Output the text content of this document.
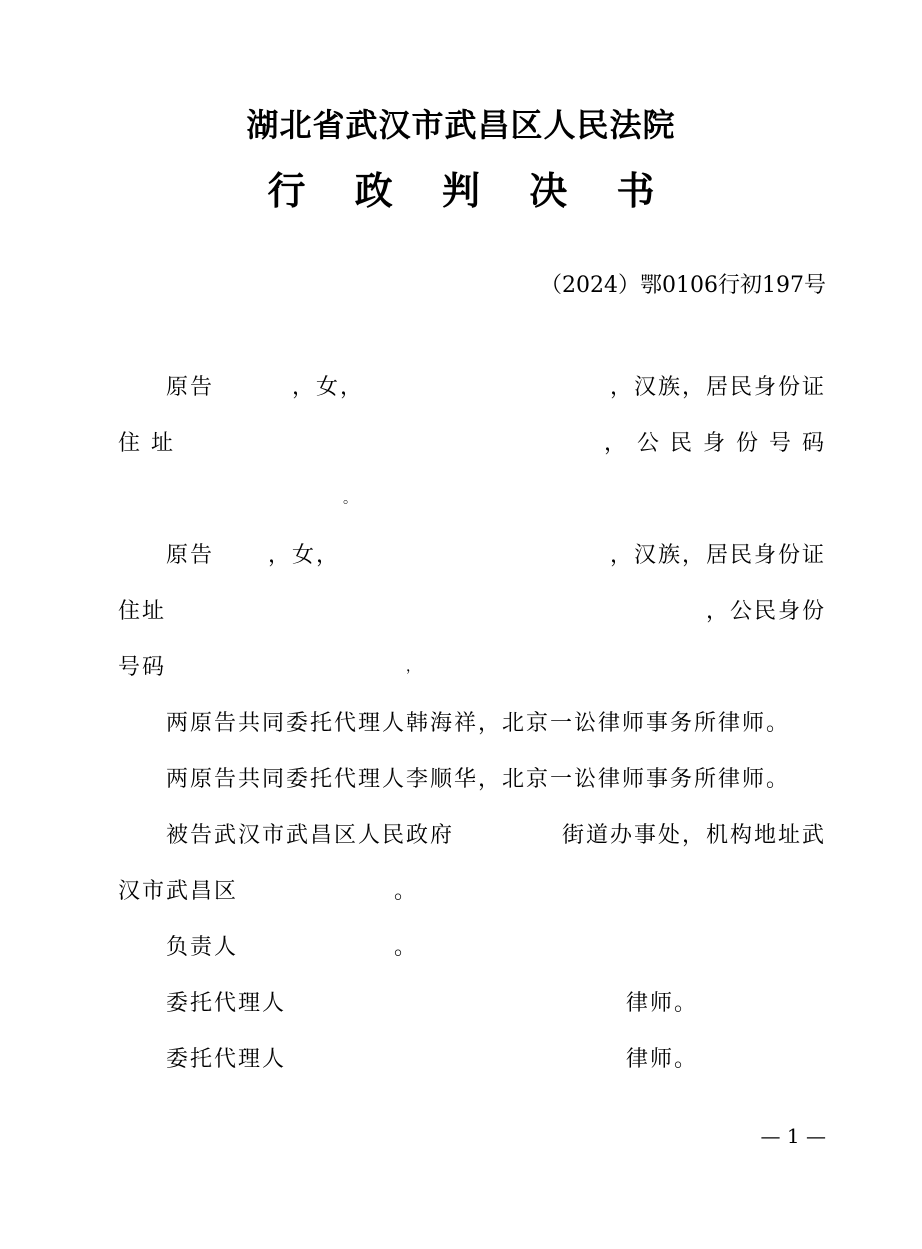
湖北省武汉市武昌区人民法院
行 政 判 决 书
（2024）鄂0106行初197号
原告	，女，	，汉族，居民身份证
住 址	， 公 民 身 份 号 码
。
原告 ，女，	，汉族，居民身份证
住址	，公民身份
号码	，
两原告共同委托代理人韩海祥，北京一讼律师事务所律师。
两原告共同委托代理人李顺华，北京一讼律师事务所律师。
被告武汉市武昌区人民政府	街道办事处，机构地址武
汉市武昌区	。
负责人	。
委托代理人	律师。
委托代理人	律师。
— 1 —
